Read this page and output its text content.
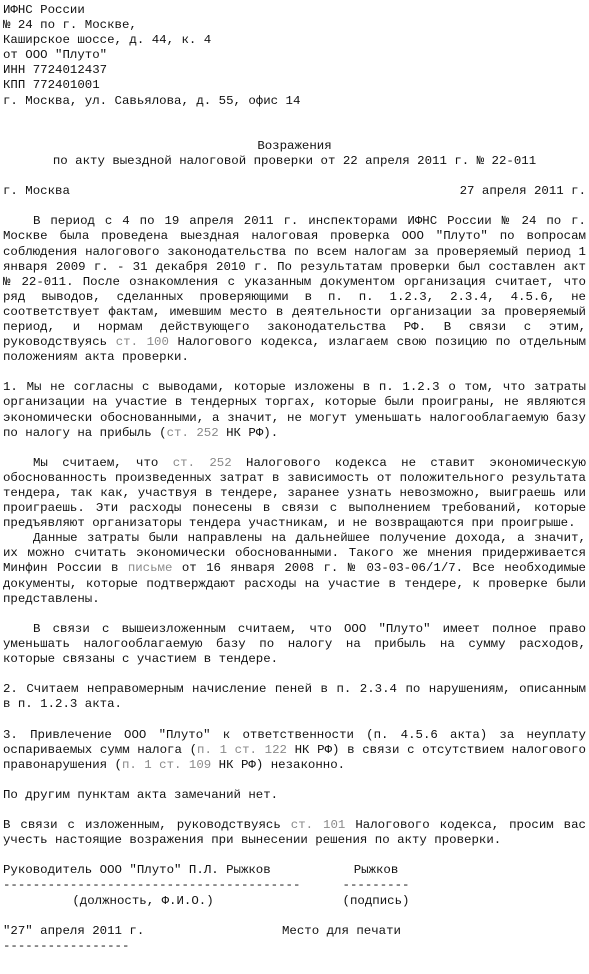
ИФНС России
№ 24 по г. Москве,
Каширское шоссе, д. 44, к. 4
от ООО "Плуто"
ИНН 7724012437
КПП 772401001
г. Москва, ул. Савьялова, д. 55, офис 14
Возражения
по акту выездной налоговой проверки от 22 апреля 2011 г. № 22-011
г. Москва	27 апреля 2011 г.
В период с 4 по 19 апреля 2011 г. инспекторами ИФНС России № 24 по г. Москве была проведена выездная налоговая проверка ООО "Плуто" по вопросам соблюдения налогового законодательства по всем налогам за проверяемый период 1 января 2009 г. - 31 декабря 2010 г. По результатам проверки был составлен акт № 22-011. После ознакомления с указанным документом организация считает, что ряд выводов, сделанных проверяющими в п. п. 1.2.3, 2.3.4, 4.5.6, не соответствует фактам, имевшим место в деятельности организации за проверяемый период, и нормам действующего законодательства РФ. В связи с этим, руководствуясь ст. 100 Налогового кодекса, излагаем свою позицию по отдельным положениям акта проверки.
1. Мы не согласны с выводами, которые изложены в п. 1.2.3 о том, что затраты организации на участие в тендерных торгах, которые были проиграны, не являются экономически обоснованными, а значит, не могут уменьшать налогооблагаемую базу по налогу на прибыль (ст. 252 НК РФ).
Мы считаем, что ст. 252 Налогового кодекса не ставит экономическую обоснованность произведенных затрат в зависимость от положительного результата тендера, так как, участвуя в тендере, заранее узнать невозможно, выиграешь или проиграешь. Эти расходы понесены в связи с выполнением требований, которые предъявляют организаторы тендера участникам, и не возвращаются при проигрыше.
Данные затраты были направлены на дальнейшее получение дохода, а значит, их можно считать экономически обоснованными. Такого же мнения придерживается Минфин России в письме от 16 января 2008 г. № 03-03-06/1/7. Все необходимые документы, которые подтверждают расходы на участие в тендере, к проверке были представлены.
В связи с вышеизложенным считаем, что ООО "Плуто" имеет полное право уменьшать налогооблагаемую базу по налогу на прибыль на сумму расходов, которые связаны с участием в тендере.
2. Считаем неправомерным начисление пеней в п. 2.3.4 по нарушениям, описанным в п. 1.2.3 акта.
3. Привлечение ООО "Плуто" к ответственности (п. 4.5.6 акта) за неуплату оспариваемых сумм налога (п. 1 ст. 122 НК РФ) в связи с отсутствием налогового правонарушения (п. 1 ст. 109 НК РФ) незаконно.
По другим пунктам акта замечаний нет.
В связи с изложенным, руководствуясь ст. 101 Налогового кодекса, просим вас учесть настоящие возражения при вынесении решения по акту проверки.
Руководитель ООО "Плуто" П.Л. Рыжков	Рыжков
----------------------------------------	---------
(должность, Ф.И.О.)	(подпись)
"27" апреля 2011 г.	Место для печати
-----------------
